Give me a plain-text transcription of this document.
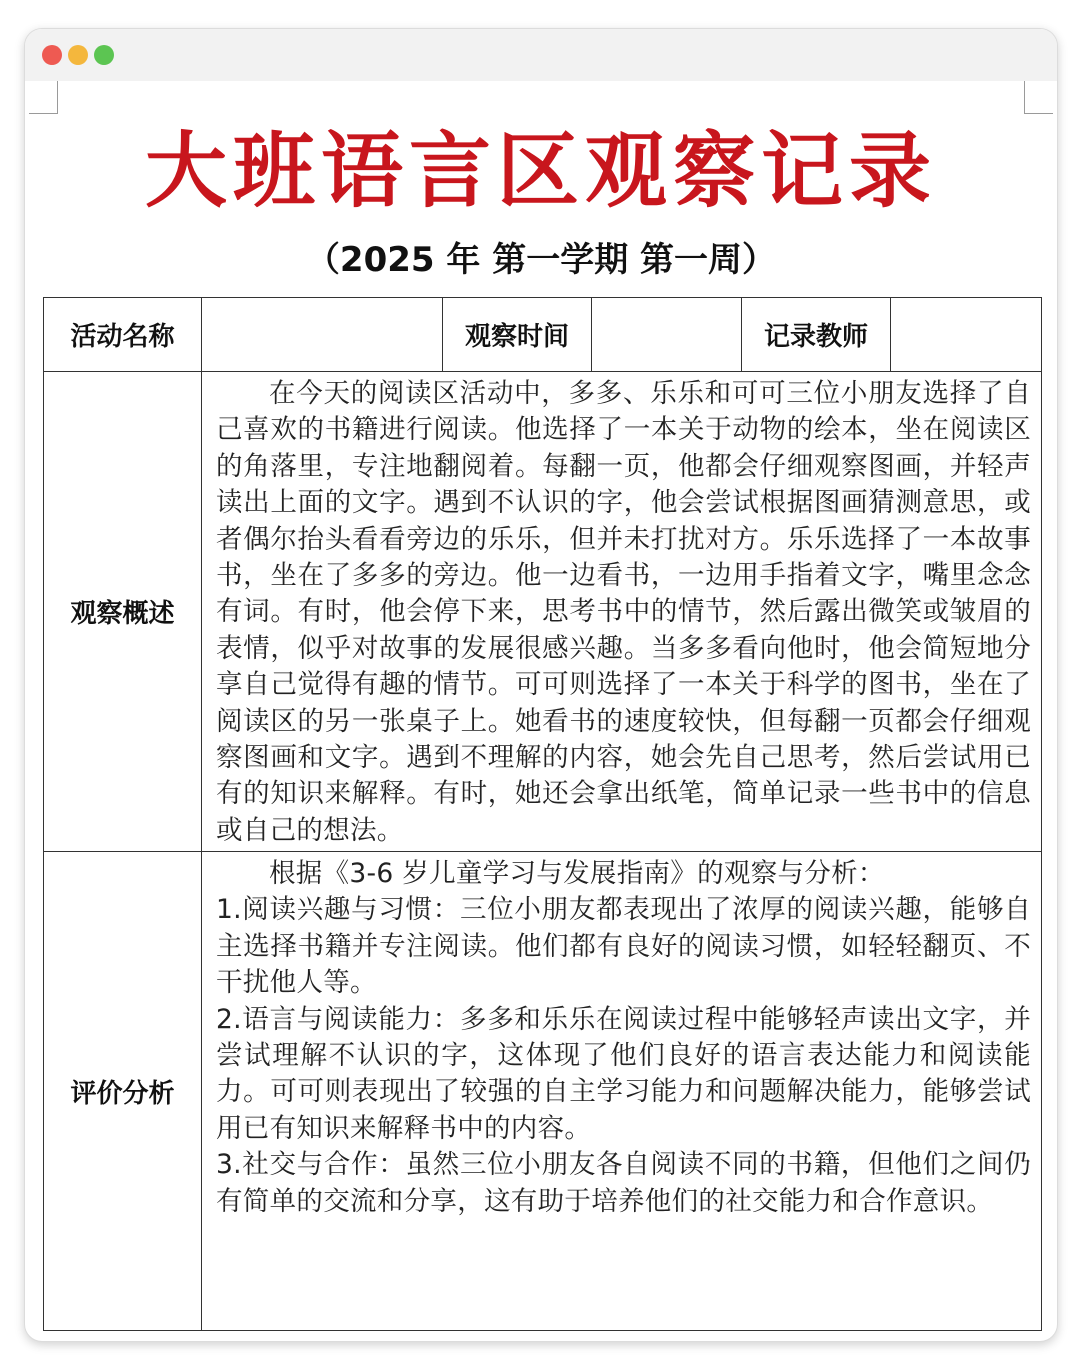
大班语言区观察记录
（2025 年 第一学期 第一周）
活动名称		观察时间		记录教师	
观察概述	在今天的阅读区活动中，多多、乐乐和可可三位小朋友选择了自己喜欢的书籍进行阅读。他选择了一本关于动物的绘本，坐在阅读区的角落里，专注地翻阅着。每翻一页，他都会仔细观察图画，并轻声读出上面的文字。遇到不认识的字，他会尝试根据图画猜测意思，或者偶尔抬头看看旁边的乐乐，但并未打扰对方。乐乐选择了一本故事书，坐在了多多的旁边。他一边看书，一边用手指着文字，嘴里念念有词。有时，他会停下来，思考书中的情节，然后露出微笑或皱眉的表情，似乎对故事的发展很感兴趣。当多多看向他时，他会简短地分享自己觉得有趣的情节。可可则选择了一本关于科学的图书，坐在了阅读区的另一张桌子上。她看书的速度较快，但每翻一页都会仔细观察图画和文字。遇到不理解的内容，她会先自己思考，然后尝试用已有的知识来解释。有时，她还会拿出纸笔，简单记录一些书中的信息或自己的想法。				

评价分析	根据《3-6 岁儿童学习与发展指南》的观察与分析：

1.阅读兴趣与习惯：三位小朋友都表现出了浓厚的阅读兴趣，能够自主选择书籍并专注阅读。他们都有良好的阅读习惯，如轻轻翻页、不干扰他人等。

2.语言与阅读能力：多多和乐乐在阅读过程中能够轻声读出文字，并尝试理解不认识的字，这体现了他们良好的语言表达能力和阅读能力。可可则表现出了较强的自主学习能力和问题解决能力，能够尝试用已有知识来解释书中的内容。

3.社交与合作：虽然三位小朋友各自阅读不同的书籍，但他们之间仍有简单的交流和分享，这有助于培养他们的社交能力和合作意识。				
